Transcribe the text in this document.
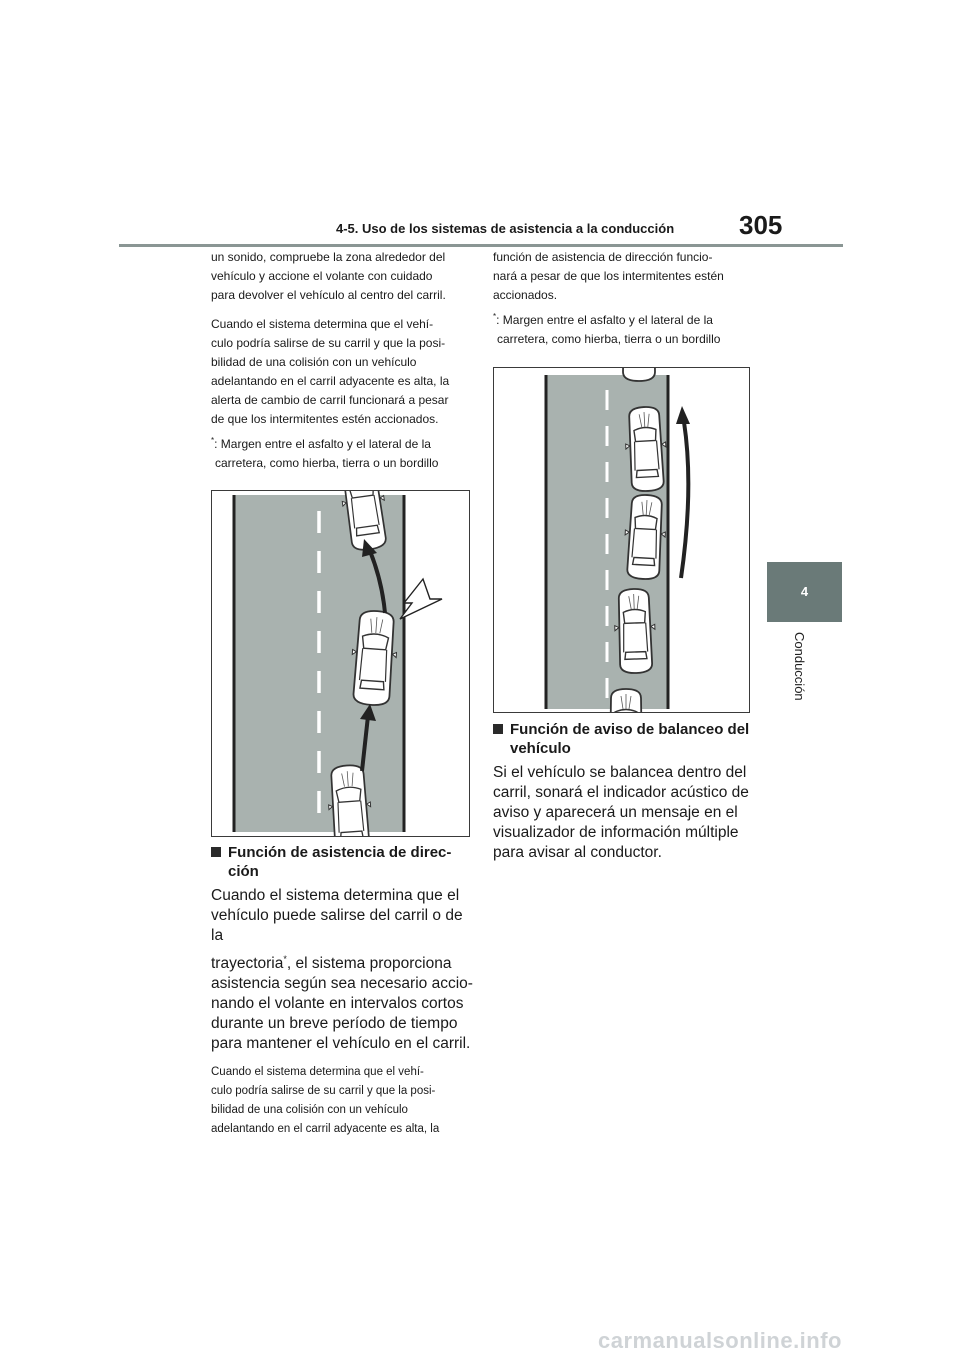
4-5. Uso de los sistemas de asistencia a la conducción	305
4
Conducción

un sonido, compruebe la zona alrededor del
vehículo y accione el volante con cuidado
para devolver el vehículo al centro del carril.

Cuando el sistema determina que el vehí-
culo podría salirse de su carril y que la posi-
bilidad de una colisión con un vehículo
adelantando en el carril adyacente es alta, la
alerta de cambio de carril funcionará a pesar
de que los intermitentes estén accionados.

*: Margen entre el asfalto y el lateral de la
carretera, como hierba, tierra o un bordillo

Función de asistencia de direc-
ción

Cuando el sistema determina que el
vehículo puede salirse del carril o de la
trayectoria*, el sistema proporciona
asistencia según sea necesario accio-
nando el volante en intervalos cortos
durante un breve período de tiempo
para mantener el vehículo en el carril.

Cuando el sistema determina que el vehí-
culo podría salirse de su carril y que la posi-
bilidad de una colisión con un vehículo
adelantando en el carril adyacente es alta, la

función de asistencia de dirección funcio-
nará a pesar de que los intermitentes estén
accionados.

*: Margen entre el asfalto y el lateral de la
carretera, como hierba, tierra o un bordillo

Función de aviso de balanceo del
vehículo

Si el vehículo se balancea dentro del
carril, sonará el indicador acústico de
aviso y aparecerá un mensaje en el
visualizador de información múltiple
para avisar al conductor.

carmanualsonline.info
